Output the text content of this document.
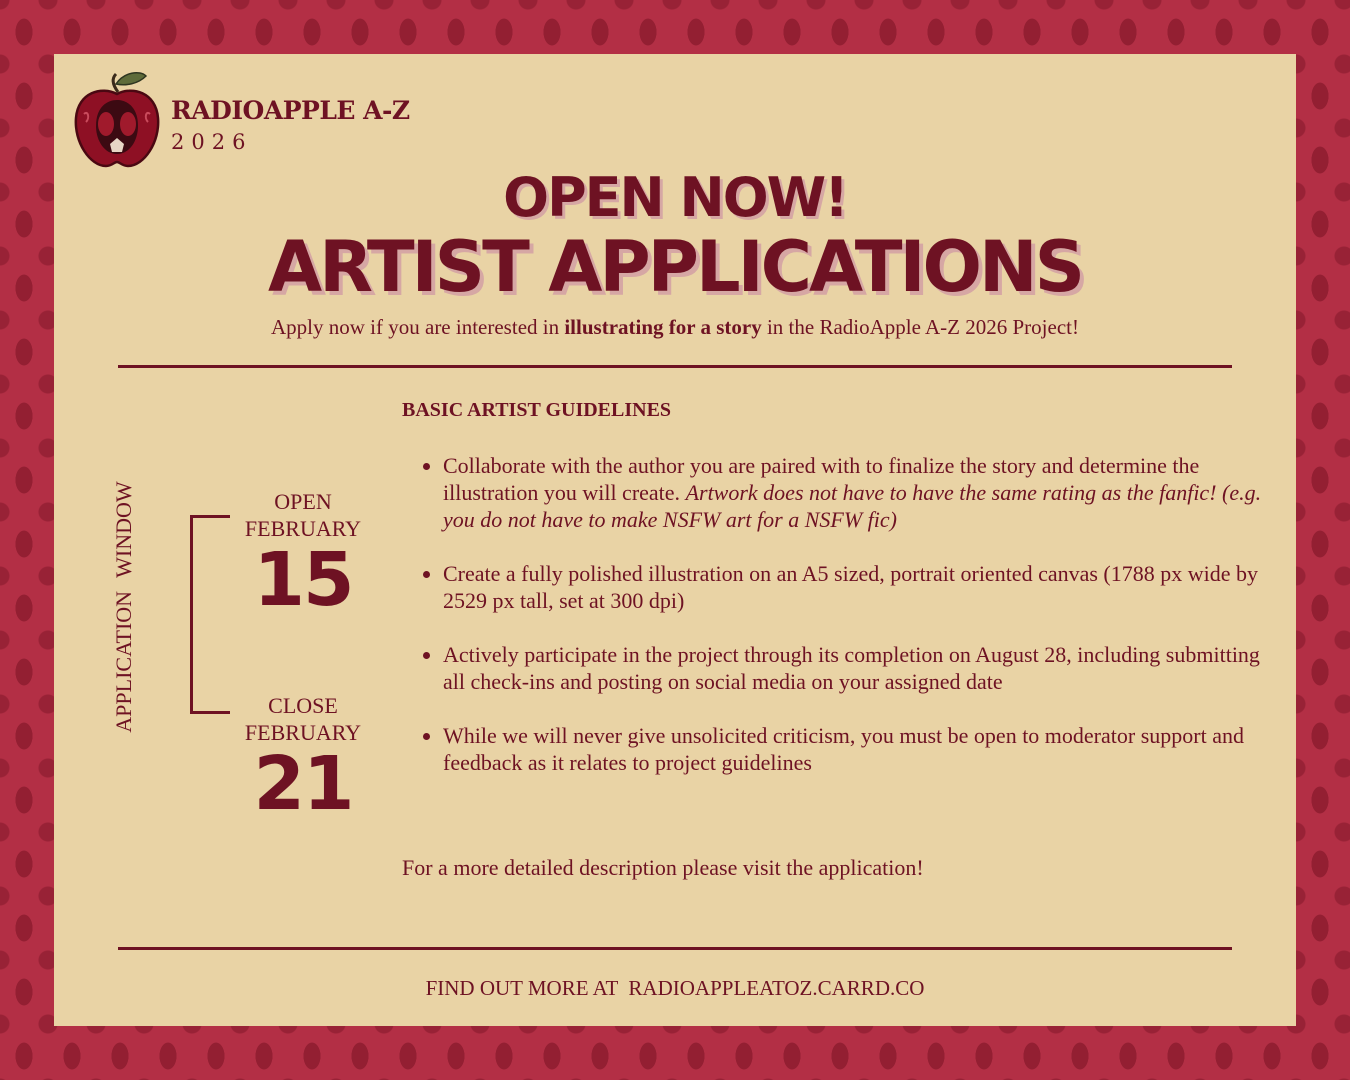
RADIOAPPLE A-Z
2026
OPEN NOW!
ARTIST APPLICATIONS
Apply now if you are interested in illustrating for a story in the RadioApple A-Z 2026 Project!
APPLICATION WINDOW	OPEN
FEBRUARY
15
CLOSE
FEBRUARY
21
BASIC ARTIST GUIDELINES
• Collaborate with the author you are paired with to finalize the story and determine the illustration you will create. Artwork does not have to have the same rating as the fanfic! (e.g. you do not have to make NSFW art for a NSFW fic)
• Create a fully polished illustration on an A5 sized, portrait oriented canvas (1788 px wide by 2529 px tall, set at 300 dpi)
• Actively participate in the project through its completion on August 28, including submitting all check-ins and posting on social media on your assigned date
• While we will never give unsolicited criticism, you must be open to moderator support and feedback as it relates to project guidelines
For a more detailed description please visit the application!
FIND OUT MORE AT  RADIOAPPLEATOZ.CARRD.CO
